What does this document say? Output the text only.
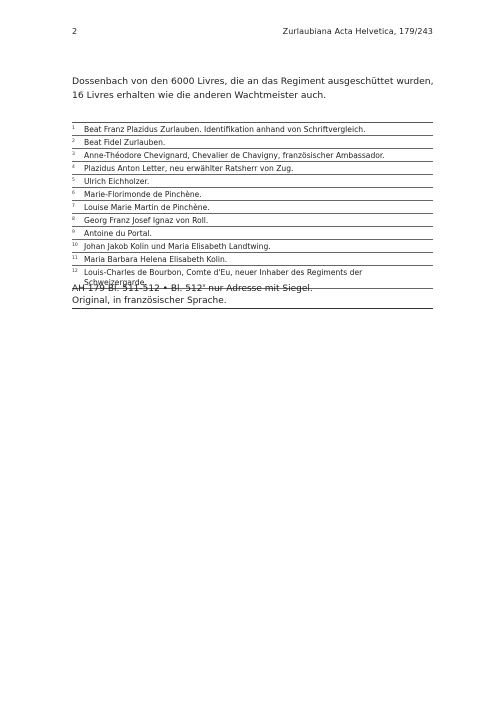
2	Zurlaubiana Acta Helvetica, 179/243
Dossenbach von den 6000 Livres, die an das Regiment ausgeschüttet wurden,
16 Livres erhalten wie die anderen Wachtmeister auch.
1	Beat Franz Plazidus Zurlauben. Identifikation anhand von Schriftvergleich.
2	Beat Fidel Zurlauben.
3	Anne-Théodore Chevignard, Chevalier de Chavigny, französischer Ambassador.
4	Plazidus Anton Letter, neu erwählter Ratsherr von Zug.
5	Ulrich Eichholzer.
6	Marie-Florimonde de Pinchène.
7	Louise Marie Martin de Pinchène.
8	Georg Franz Josef Ignaz von Roll.
9	Antoine du Portal.
10 Johan Jakob Kolin und Maria Elisabeth Landtwing.
11 Maria Barbara Helena Elisabeth Kolin.
12 Louis-Charles de Bourbon, Comte d'Eu, neuer Inhaber des Regiments der
Schweizergarde.
AH 179 Bl. 511-512 • Bl. 512$^v$ nur Adresse mit Siegel.
Original, in französischer Sprache.
